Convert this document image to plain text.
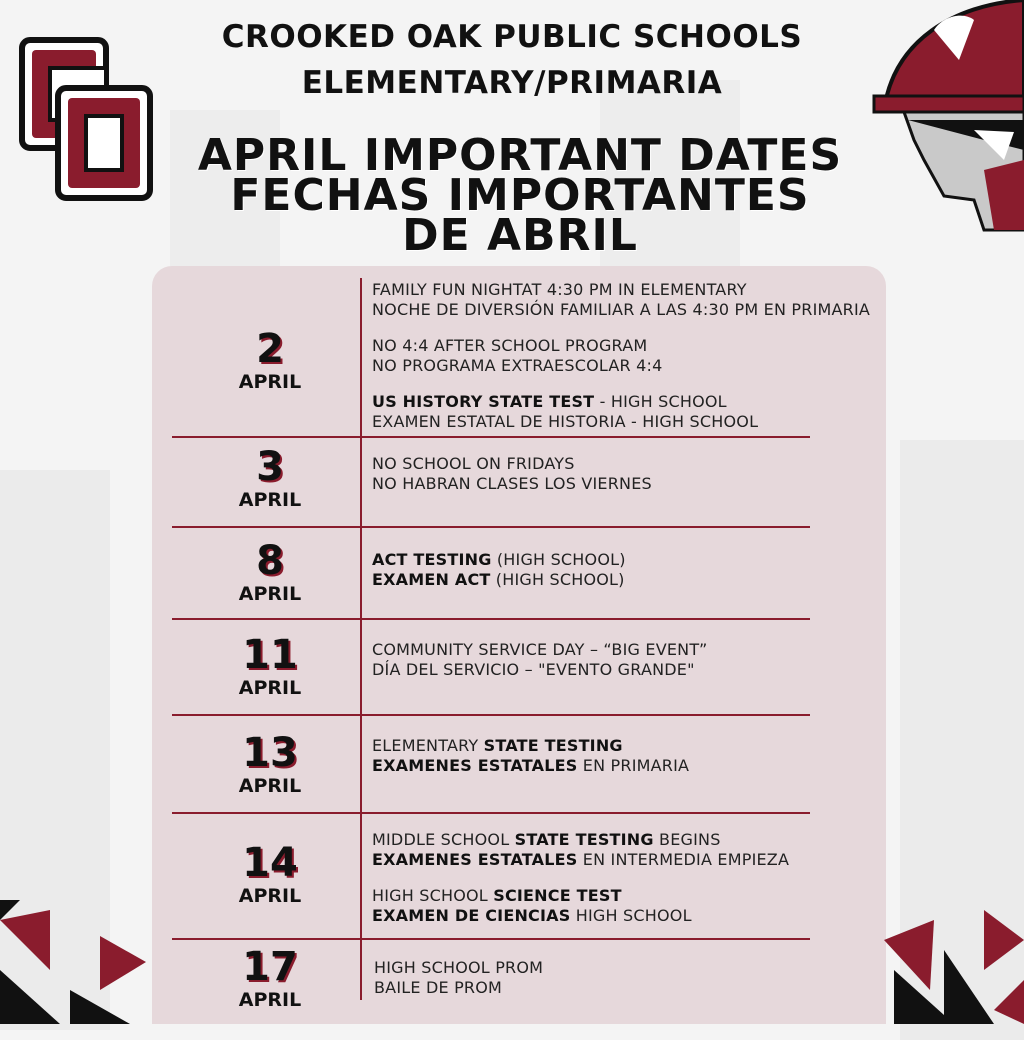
CROOKED OAK PUBLIC SCHOOLS
ELEMENTARY/PRIMARIA
APRIL IMPORTANT DATES
FECHAS IMPORTANTES
DE ABRIL
2
APRIL
FAMILY FUN NIGHTAT 4:30 PM IN ELEMENTARY
NOCHE DE DIVERSIÓN FAMILIAR A LAS 4:30 PM EN PRIMARIA
NO 4:4 AFTER SCHOOL PROGRAM
NO PROGRAMA EXTRAESCOLAR 4:4
US HISTORY STATE TEST - HIGH SCHOOL
EXAMEN ESTATAL DE HISTORIA - HIGH SCHOOL
3
APRIL
NO SCHOOL ON FRIDAYS
NO HABRAN CLASES LOS VIERNES
8
APRIL
ACT TESTING (HIGH SCHOOL)
EXAMEN ACT (HIGH SCHOOL)
11
APRIL
COMMUNITY SERVICE DAY – “BIG EVENT”
DÍA DEL SERVICIO – "EVENTO GRANDE"
13
APRIL
ELEMENTARY STATE TESTING
EXAMENES ESTATALES EN PRIMARIA
14
APRIL
MIDDLE SCHOOL STATE TESTING BEGINS
EXAMENES ESTATALES EN INTERMEDIA EMPIEZA
HIGH SCHOOL SCIENCE TEST
EXAMEN DE CIENCIAS HIGH SCHOOL
17
APRIL
HIGH SCHOOL PROM
BAILE DE PROM
